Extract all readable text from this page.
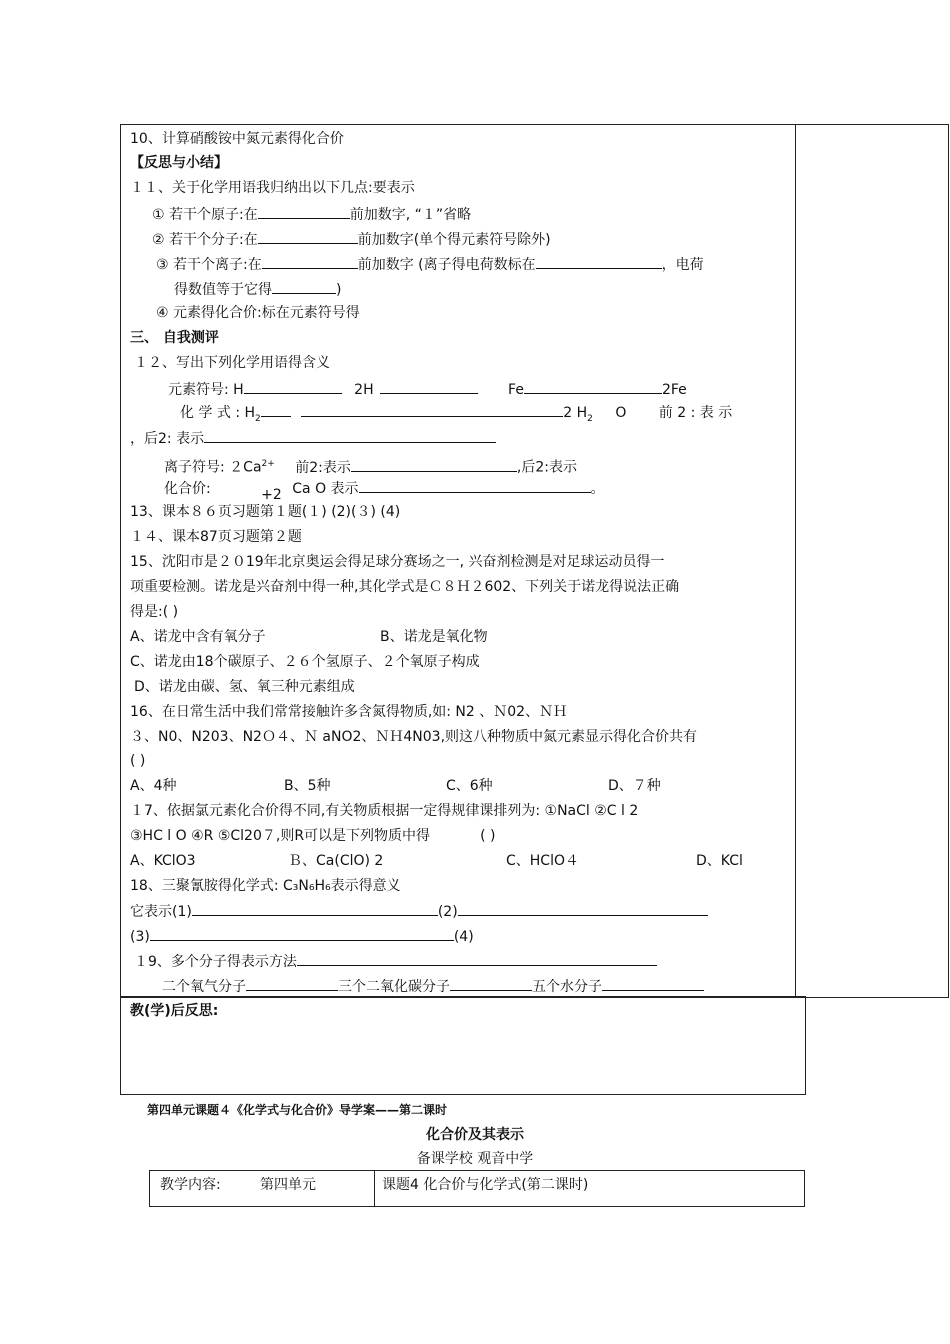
10、计算硝酸铵中氮元素得化合价
【反思与小结】
１１、关于化学用语我归纳出以下几点:要表示
① 若干个原子:在	前加数字, “１”省略
② 若干个分子:在	前加数字(单个得元素符号除外)
③ 若干个离子:在	前加数字 (离子得电荷数标在	，电荷
得数值等于它得	)
④ 元素得化合价:标在元素符号得
三、 自我测评
１２、写出下列化学用语得含义
元素符号: H	2H	Fe	2Fe
化 学 式 : $H_2$	2 $H_2$ O 前 2 : 表 示
，后2: 表示
离子符号: $2Ca^{2+}$ 前2:表示	,后2:表示
化合价:	+2 Ca O 表示	。
13、课本８６页习题第１题(１) (2)(３) (4)
１４、课本87页习题第２题
15、沈阳市是２０19年北京奥运会得足球分赛场之一, 兴奋剂检测是对足球运动员得一
项重要检测。诺龙是兴奋剂中得一种,其化学式是Ｃ８Ｈ２602、下列关于诺龙得说法正确
得是:( )
A、诺龙中含有氧分子	B、诺龙是氧化物
C、诺龙由18个碳原子、２６个氢原子、２个氧原子构成
D、诺龙由碳、氢、氧三种元素组成
16、在日常生活中我们常常接触许多含氮得物质,如: N2 、Ｎ02、ＮＨ
３、N0、N203、N2Ｏ４、Ｎ aNO2、ＮＨ4N03,则这八种物质中氮元素显示得化合价共有
( )
A、4种	B、5种	C、6种	D、７种
１7、依据氯元素化合价得不同,有关物质根据一定得规律课排列为: ①NaCl ②C l 2
③HC l O ④R ⑤Cl20７,则R可以是下列物质中得	( )
A、KClO3	Ｂ、Ca(ClO) 2	C、HClO４	D、KCl
18、三聚氰胺得化学式: C₃N₆H₆表示得意义
它表示(1)	(2)
(3)	(4)
１9、多个分子得表示方法
二个氧气分子	三个二氧化碳分子	五个水分子
教(学)后反思:
第四单元课题４《化学式与化合价》导学案——第二课时
化合价及其表示
备课学校 观音中学
教学内容:	第四单元	课题4 化合价与化学式(第二课时)
